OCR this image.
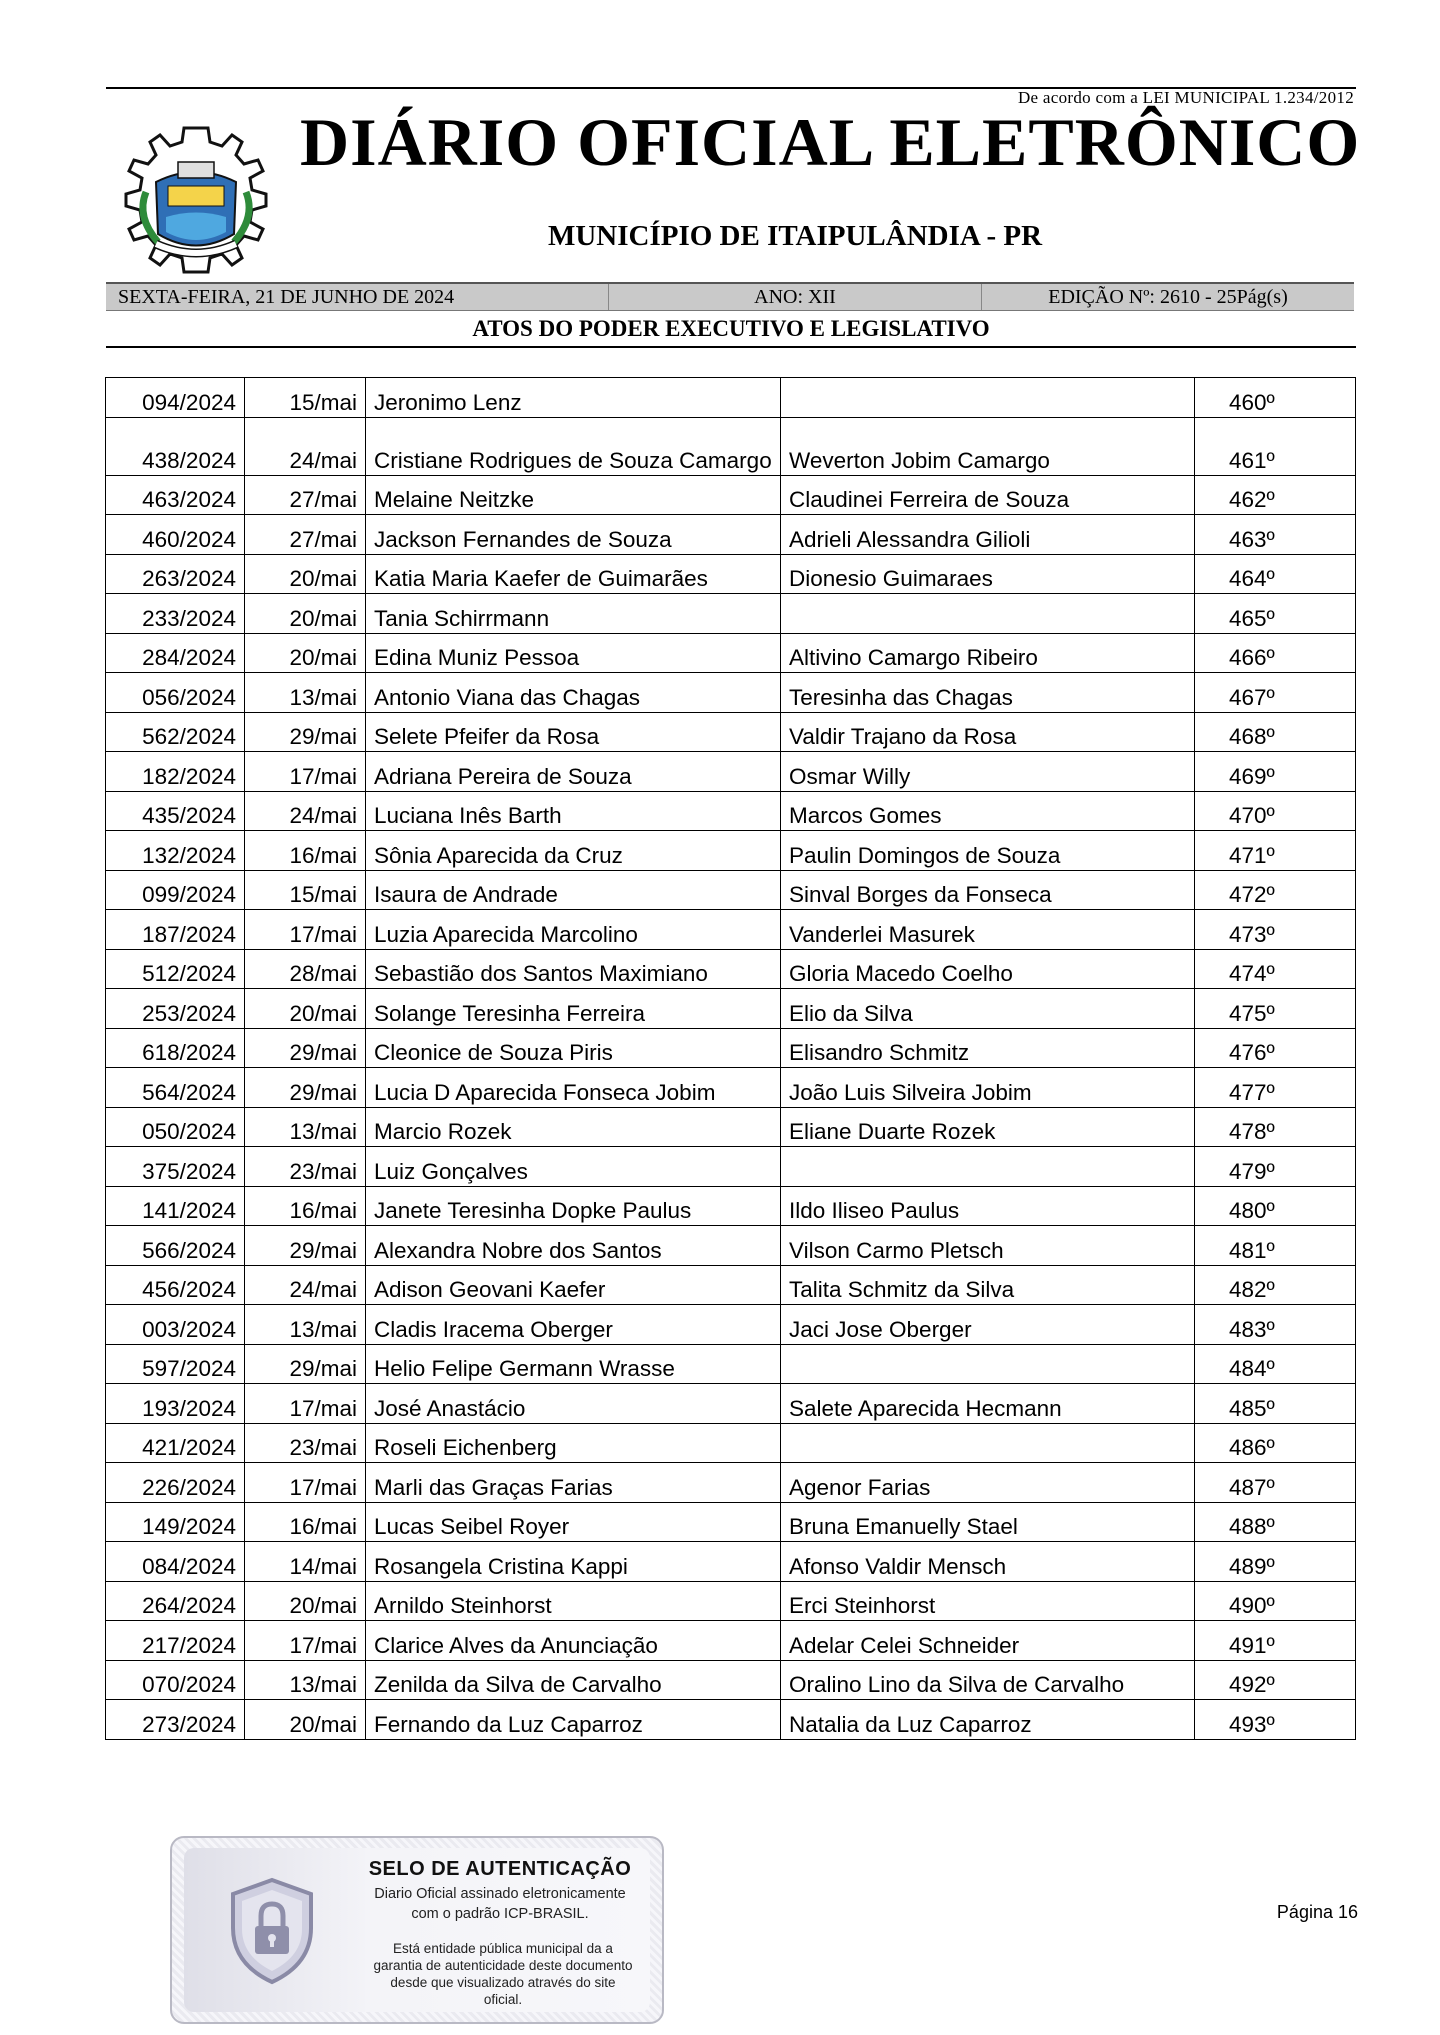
De acordo com a LEI MUNICIPAL 1.234/2012
DIÁRIO OFICIAL ELETRÔNICO
MUNICÍPIO DE ITAIPULÂNDIA - PR
SEXTA-FEIRA, 21 DE JUNHO DE 2024	ANO: XII	EDIÇÃO Nº: 2610 - 25Pág(s)
ATOS DO PODER EXECUTIVO E LEGISLATIVO
094/2024	15/mai	Jeronimo Lenz		460º
438/2024	24/mai	Cristiane Rodrigues de Souza Camargo	Weverton Jobim Camargo	461º
463/2024	27/mai	Melaine Neitzke	Claudinei Ferreira de Souza	462º
460/2024	27/mai	Jackson Fernandes de Souza	Adrieli Alessandra Gilioli	463º
263/2024	20/mai	Katia Maria Kaefer de Guimarães	Dionesio Guimaraes	464º
233/2024	20/mai	Tania Schirrmann		465º
284/2024	20/mai	Edina Muniz Pessoa	Altivino Camargo Ribeiro	466º
056/2024	13/mai	Antonio Viana das Chagas	Teresinha das Chagas	467º
562/2024	29/mai	Selete Pfeifer da Rosa	Valdir Trajano da Rosa	468º
182/2024	17/mai	Adriana Pereira de Souza	Osmar Willy	469º
435/2024	24/mai	Luciana Inês Barth	Marcos Gomes	470º
132/2024	16/mai	Sônia Aparecida da Cruz	Paulin Domingos de Souza	471º
099/2024	15/mai	Isaura de Andrade	Sinval Borges da Fonseca	472º
187/2024	17/mai	Luzia Aparecida Marcolino	Vanderlei Masurek	473º
512/2024	28/mai	Sebastião dos Santos Maximiano	Gloria Macedo Coelho	474º
253/2024	20/mai	Solange Teresinha Ferreira	Elio da Silva	475º
618/2024	29/mai	Cleonice de Souza Piris	Elisandro Schmitz	476º
564/2024	29/mai	Lucia D Aparecida Fonseca Jobim	João Luis Silveira Jobim	477º
050/2024	13/mai	Marcio Rozek	Eliane Duarte Rozek	478º
375/2024	23/mai	Luiz Gonçalves		479º
141/2024	16/mai	Janete Teresinha Dopke Paulus	Ildo Iliseo Paulus	480º
566/2024	29/mai	Alexandra Nobre dos Santos	Vilson Carmo Pletsch	481º
456/2024	24/mai	Adison Geovani Kaefer	Talita Schmitz da Silva	482º
003/2024	13/mai	Cladis Iracema Oberger	Jaci Jose Oberger	483º
597/2024	29/mai	Helio Felipe Germann Wrasse		484º
193/2024	17/mai	José Anastácio	Salete Aparecida Hecmann	485º
421/2024	23/mai	Roseli Eichenberg		486º
226/2024	17/mai	Marli das Graças Farias	Agenor Farias	487º
149/2024	16/mai	Lucas Seibel Royer	Bruna Emanuelly Stael	488º
084/2024	14/mai	Rosangela Cristina Kappi	Afonso Valdir Mensch	489º
264/2024	20/mai	Arnildo Steinhorst	Erci Steinhorst	490º
217/2024	17/mai	Clarice Alves da Anunciação	Adelar Celei Schneider	491º
070/2024	13/mai	Zenilda da Silva de Carvalho	Oralino Lino da Silva de Carvalho	492º
273/2024	20/mai	Fernando da Luz Caparroz	Natalia da Luz Caparroz	493º
SELO DE AUTENTICAÇÃO
Diario Oficial assinado eletronicamente
com o padrão ICP-BRASIL.
Está entidade pública municipal da a garantia de autenticidade deste documento desde que visualizado através do site oficial.
Página 16
